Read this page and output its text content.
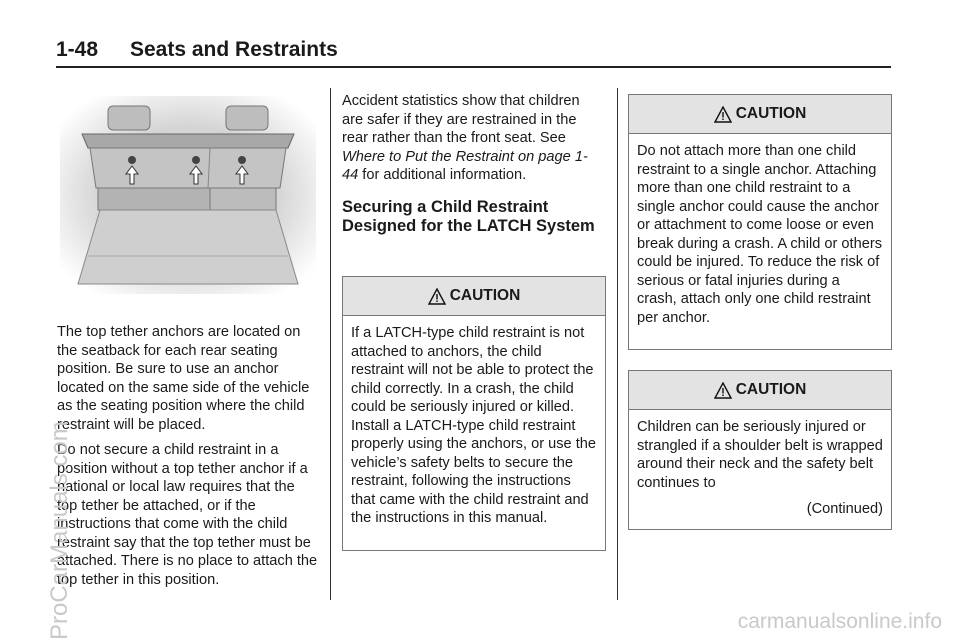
1-48 Seats and Restraints

The top tether anchors are located on the seatback for each rear seating position. Be sure to use an anchor located on the same side of the vehicle as the seating position where the child restraint will be placed.

Do not secure a child restraint in a position without a top tether anchor if a national or local law requires that the top tether be attached, or if the instructions that come with the child restraint say that the top tether must be attached. There is no place to attach the top tether in this position.

Accident statistics show that children are safer if they are restrained in the rear rather than the front seat. See Where to Put the Restraint on page 1-44 for additional information.

Securing a Child Restraint Designed for the LATCH System
CAUTION
If a LATCH-type child restraint is not attached to anchors, the child restraint will not be able to protect the child correctly. In a crash, the child could be seriously injured or killed. Install a LATCH-type child restraint properly using the anchors, or use the vehicle’s safety belts to secure the restraint, following the instructions that came with the child restraint and the instructions in this manual.
CAUTION
Do not attach more than one child restraint to a single anchor. Attaching more than one child restraint to a single anchor could cause the anchor or attachment to come loose or even break during a crash. A child or others could be injured. To reduce the risk of serious or fatal injuries during a crash, attach only one child restraint per anchor.
CAUTION
Children can be seriously injured or strangled if a shoulder belt is wrapped around their neck and the safety belt continues to
(Continued)
ProCarManuals.com	carmanualsonline.info
